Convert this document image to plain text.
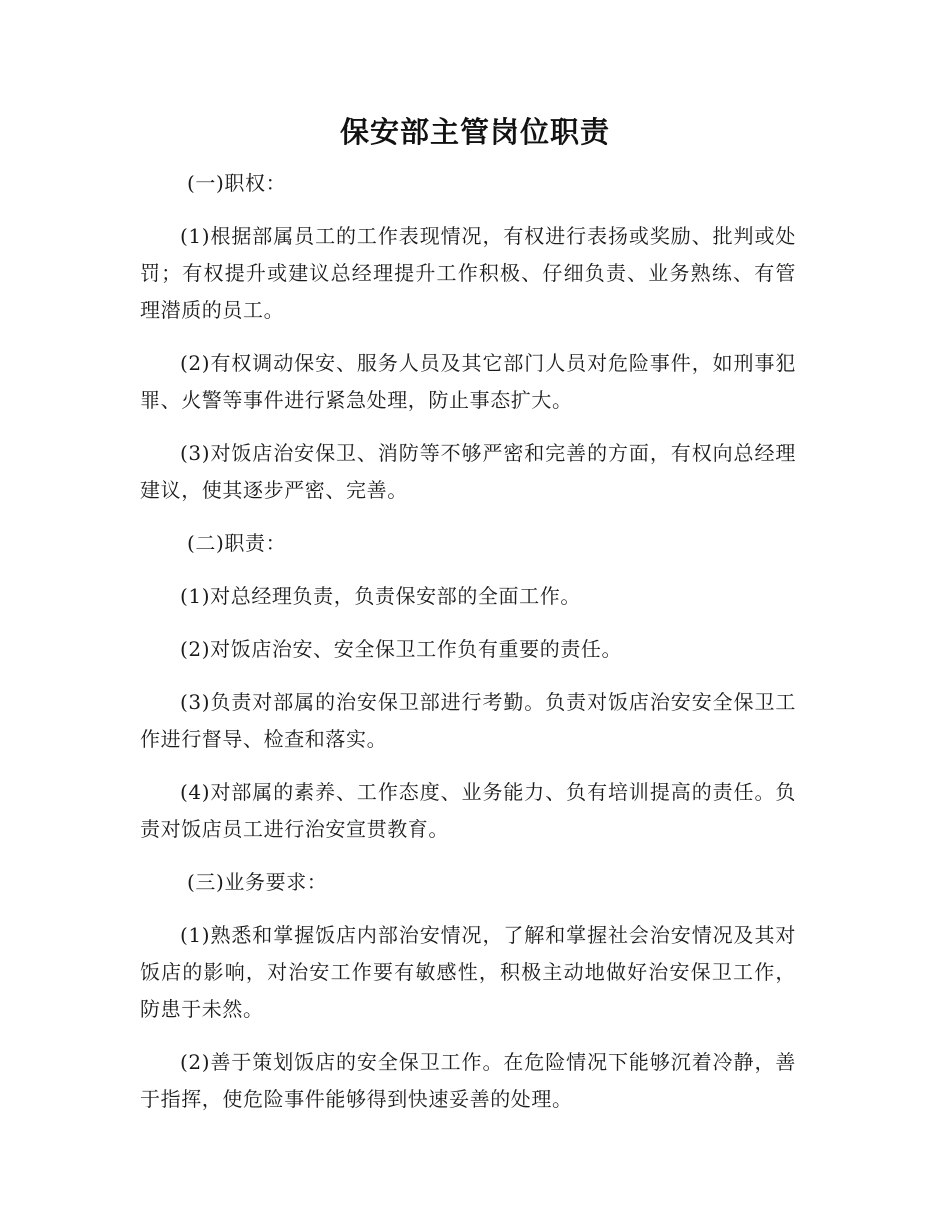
保安部主管岗位职责

(一)职权：

(1)根据部属员工的工作表现情况，有权进行表扬或奖励、批判或处罚；有权提升或建议总经理提升工作积极、仔细负责、业务熟练、有管理潜质的员工。

(2)有权调动保安、服务人员及其它部门人员对危险事件，如刑事犯罪、火警等事件进行紧急处理，防止事态扩大。

(3)对饭店治安保卫、消防等不够严密和完善的方面，有权向总经理建议，使其逐步严密、完善。

(二)职责：

(1)对总经理负责，负责保安部的全面工作。

(2)对饭店治安、安全保卫工作负有重要的责任。

(3)负责对部属的治安保卫部进行考勤。负责对饭店治安安全保卫工作进行督导、检查和落实。

(4)对部属的素养、工作态度、业务能力、负有培训提高的责任。负责对饭店员工进行治安宣贯教育。

(三)业务要求：

(1)熟悉和掌握饭店内部治安情况，了解和掌握社会治安情况及其对饭店的影响，对治安工作要有敏感性，积极主动地做好治安保卫工作，防患于未然。

(2)善于策划饭店的安全保卫工作。在危险情况下能够沉着冷静，善于指挥，使危险事件能够得到快速妥善的处理。
